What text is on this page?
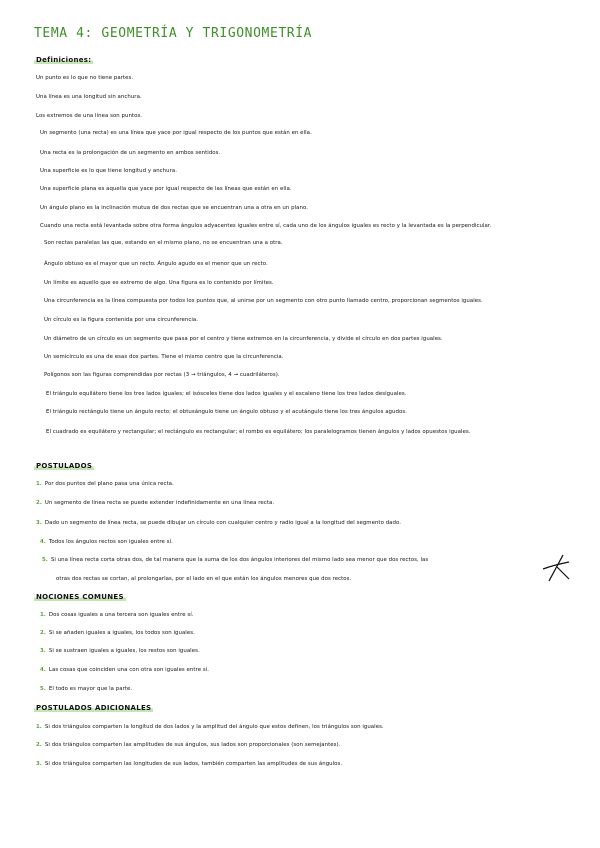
TEMA 4: GEOMETRÍA Y TRIGONOMETRÍA
Definiciones:
Un punto es lo que no tiene partes.
Una línea es una longitud sin anchura.
Los extremos de una línea son puntos.
Un segmento (una recta) es una línea que yace por igual respecto de los puntos que están en ella.
Una recta es la prolongación de un segmento en ambos sentidos.
Una superficie es lo que tiene longitud y anchura.
Una superficie plana es aquella que yace por igual respecto de las líneas que están en ella.
Un ángulo plano es la inclinación mutua de dos rectas que se encuentran una a otra en un plano.
Cuando una recta está levantada sobre otra forma ángulos adyacentes iguales entre sí, cada uno de los ángulos iguales es recto y la levantada es la perpendicular.
Son rectas paralelas las que, estando en el mismo plano, no se encuentran una a otra.
Ángulo obtuso es el mayor que un recto. Ángulo agudo es el menor que un recto.
Un límite es aquello que es extremo de algo. Una figura es lo contenido por límites.
Una circunferencia es la línea compuesta por todos los puntos que, al unirse por un segmento con otro punto llamado centro, proporcionan segmentos iguales.
Un círculo es la figura contenida por una circunferencia.
Un diámetro de un círculo es un segmento que pasa por el centro y tiene extremos en la circunferencia, y divide el círculo en dos partes iguales.
Un semicírculo es una de esas dos partes. Tiene el mismo centro que la circunferencia.
Polígonos son las figuras comprendidas por rectas (3 → triángulos, 4 → cuadriláteros).
El triángulo equilátero tiene los tres lados iguales; el isósceles tiene dos lados iguales y el escaleno tiene los tres lados desiguales.
El triángulo rectángulo tiene un ángulo recto; el obtusángulo tiene un ángulo obtuso y el acutángulo tiene los tres ángulos agudos.
El cuadrado es equilátero y rectangular; el rectángulo es rectangular; el rombo es equilátero; los paralelogramos tienen ángulos y lados opuestos iguales.
POSTULADOS
1. Por dos puntos del plano pasa una única recta.
2. Un segmento de línea recta se puede extender indefinidamente en una línea recta.
3. Dado un segmento de línea recta, se puede dibujar un círculo con cualquier centro y radio igual a la longitud del segmento dado.
4. Todos los ángulos rectos son iguales entre sí.
5. Si una línea recta corta otras dos, de tal manera que la suma de los dos ángulos interiores del mismo lado sea menor que dos rectos, las
otras dos rectas se cortan, al prolongarlas, por el lado en el que están los ángulos menores que dos rectos.
NOCIONES COMUNES
1. Dos cosas iguales a una tercera son iguales entre sí.
2. Si se añaden iguales a iguales, los todos son iguales.
3. Si se sustraen iguales a iguales, los restos son iguales.
4. Las cosas que coinciden una con otra son iguales entre sí.
5. El todo es mayor que la parte.
POSTULADOS ADICIONALES
1. Si dos triángulos comparten la longitud de dos lados y la amplitud del ángulo que estos definen, los triángulos son iguales.
2. Si dos triángulos comparten las amplitudes de sus ángulos, sus lados son proporcionales (son semejantes).
3. Si dos triángulos comparten las longitudes de sus lados, también comparten las amplitudes de sus ángulos.
